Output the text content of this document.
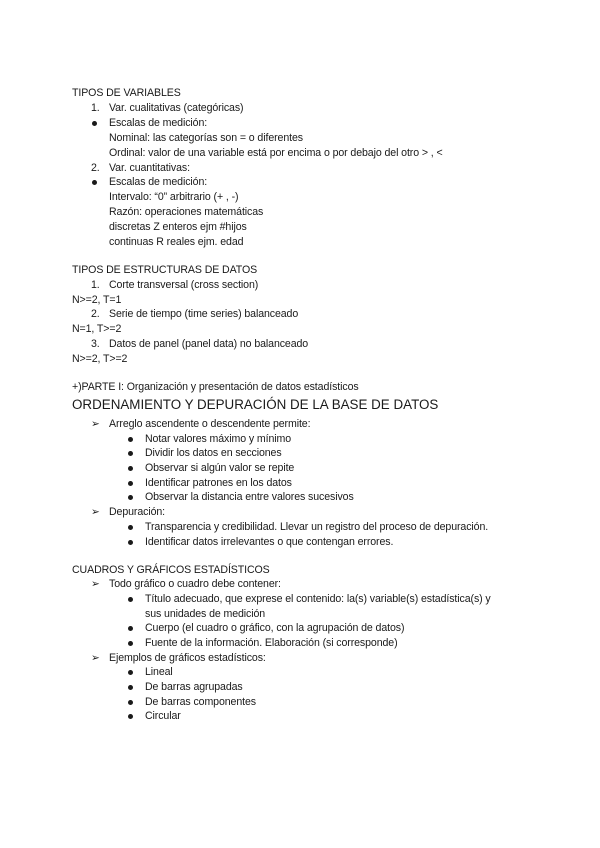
TIPOS DE VARIABLES
1. Var. cualitativas (categóricas)
Escalas de medición:
Nominal: las categorías son = o diferentes
Ordinal: valor de una variable está por encima o por debajo del otro > , <
2. Var. cuantitativas:
Escalas de medición:
Intervalo: “0” arbitrario (+ , -)
Razón: operaciones matemáticas
discretas Z enteros ejm #hijos
continuas R reales ejm. edad
TIPOS DE ESTRUCTURAS DE DATOS
1. Corte transversal (cross section)
N>=2, T=1
2. Serie de tiempo (time series) balanceado
N=1, T>=2
3. Datos de panel (panel data) no balanceado
N>=2, T>=2
+)PARTE I: Organización y presentación de datos estadísticos
ORDENAMIENTO Y DEPURACIÓN DE LA BASE DE DATOS
➢ Arreglo ascendente o descendente permite:
Notar valores máximo y mínimo
Dividir los datos en secciones
Observar si algún valor se repite
Identificar patrones en los datos
Observar la distancia entre valores sucesivos
➢ Depuración:
Transparencia y credibilidad. Llevar un registro del proceso de depuración.
Identificar datos irrelevantes o que contengan errores.
CUADROS Y GRÁFICOS ESTADÍSTICOS
➢ Todo gráfico o cuadro debe contener:
Título adecuado, que exprese el contenido: la(s) variable(s) estadística(s) y
sus unidades de medición
Cuerpo (el cuadro o gráfico, con la agrupación de datos)
Fuente de la información. Elaboración (si corresponde)
➢ Ejemplos de gráficos estadísticos:
Lineal
De barras agrupadas
De barras componentes
Circular
